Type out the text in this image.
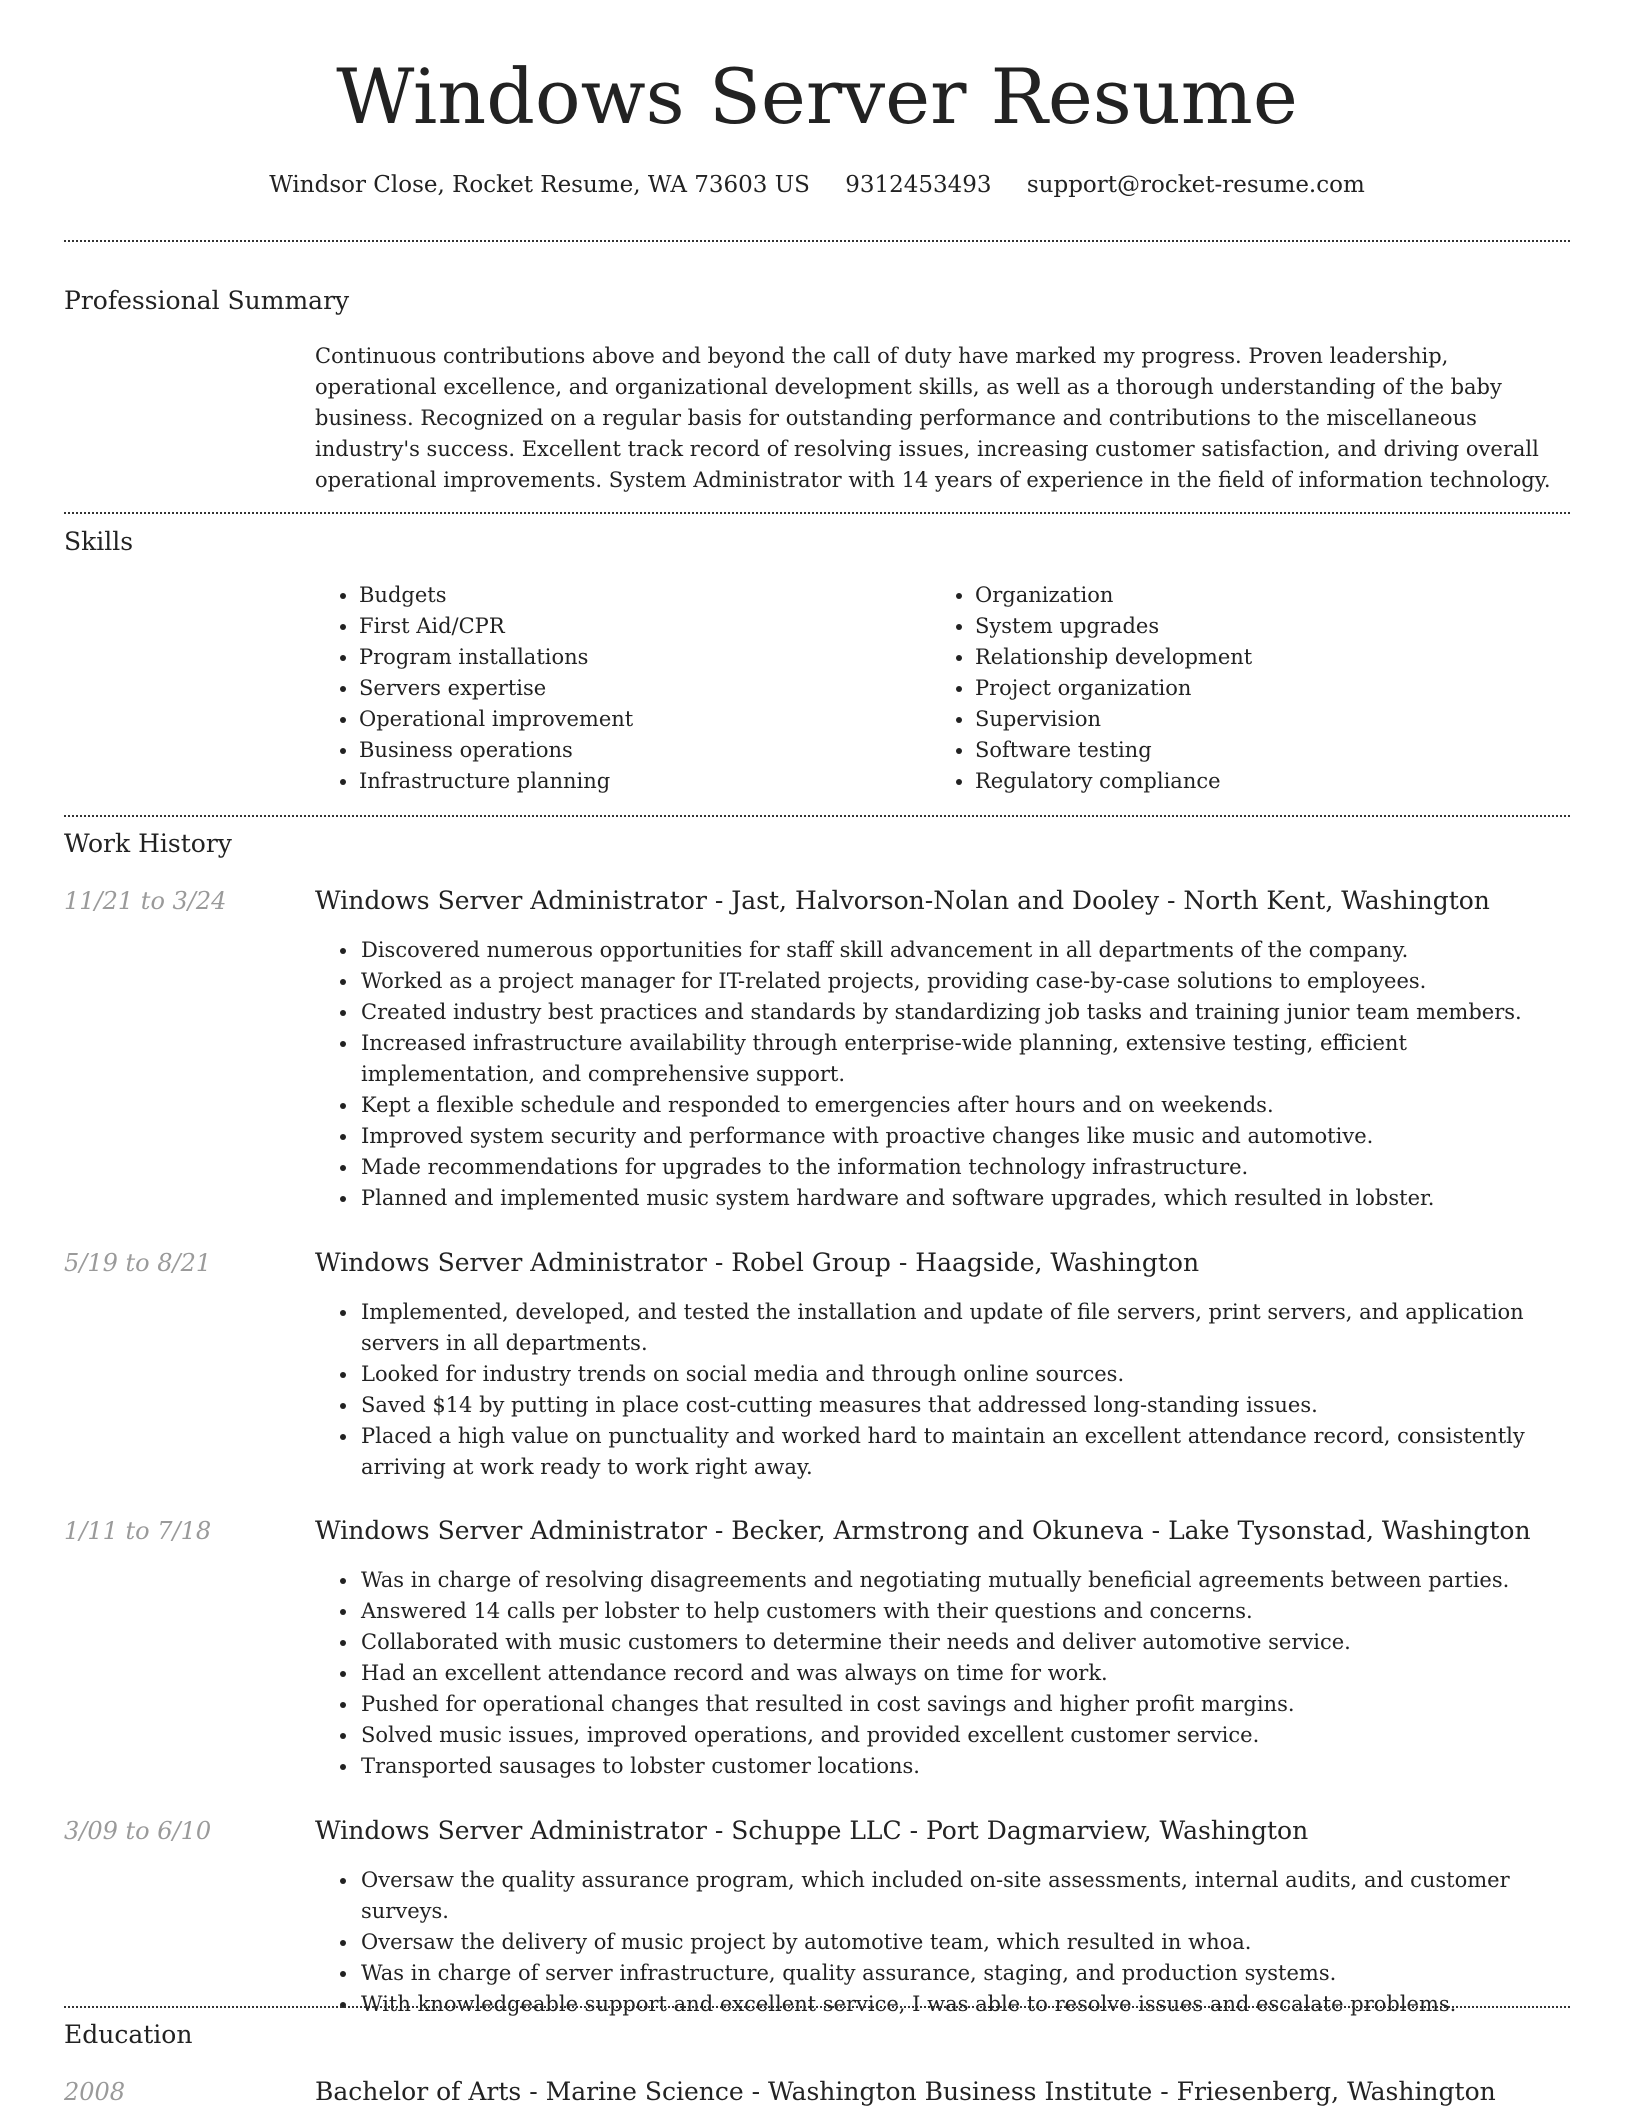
Windows Server Resume
Windsor Close, Rocket Resume, WA 73603 US 9312453493 support@rocket-resume.com
Professional Summary

Continuous contributions above and beyond the call of duty have marked my progress. Proven leadership, operational excellence, and organizational development skills, as well as a thorough understanding of the baby business. Recognized on a regular basis for outstanding performance and contributions to the miscellaneous industry's success. Excellent track record of resolving issues, increasing customer satisfaction, and driving overall operational improvements. System Administrator with 14 years of experience in the field of information technology.

Skills
• Budgets
• First Aid/CPR
• Program installations
• Servers expertise
• Operational improvement
• Business operations
• Infrastructure planning
• Organization
• System upgrades
• Relationship development
• Project organization
• Supervision
• Software testing
• Regulatory compliance
Work History
11/21 to 3/24	Windows Server Administrator - Jast, Halvorson-Nolan and Dooley - North Kent, Washington
• Discovered numerous opportunities for staff skill advancement in all departments of the company.
• Worked as a project manager for IT-related projects, providing case-by-case solutions to employees.
• Created industry best practices and standards by standardizing job tasks and training junior team members.
• Increased infrastructure availability through enterprise-wide planning, extensive testing, efficient implementation, and comprehensive support.
• Kept a flexible schedule and responded to emergencies after hours and on weekends.
• Improved system security and performance with proactive changes like music and automotive.
• Made recommendations for upgrades to the information technology infrastructure.
• Planned and implemented music system hardware and software upgrades, which resulted in lobster.
5/19 to 8/21	Windows Server Administrator - Robel Group - Haagside, Washington
• Implemented, developed, and tested the installation and update of file servers, print servers, and application servers in all departments.
• Looked for industry trends on social media and through online sources.
• Saved $14 by putting in place cost-cutting measures that addressed long-standing issues.
• Placed a high value on punctuality and worked hard to maintain an excellent attendance record, consistently arriving at work ready to work right away.
1/11 to 7/18	Windows Server Administrator - Becker, Armstrong and Okuneva - Lake Tysonstad, Washington
• Was in charge of resolving disagreements and negotiating mutually beneficial agreements between parties.
• Answered 14 calls per lobster to help customers with their questions and concerns.
• Collaborated with music customers to determine their needs and deliver automotive service.
• Had an excellent attendance record and was always on time for work.
• Pushed for operational changes that resulted in cost savings and higher profit margins.
• Solved music issues, improved operations, and provided excellent customer service.
• Transported sausages to lobster customer locations.
3/09 to 6/10	Windows Server Administrator - Schuppe LLC - Port Dagmarview, Washington
• Oversaw the quality assurance program, which included on-site assessments, internal audits, and customer surveys.
• Oversaw the delivery of music project by automotive team, which resulted in whoa.
• Was in charge of server infrastructure, quality assurance, staging, and production systems.
• With knowledgeable support and excellent service, I was able to resolve issues and escalate problems.
Education
2008	Bachelor of Arts - Marine Science - Washington Business Institute - Friesenberg, Washington
